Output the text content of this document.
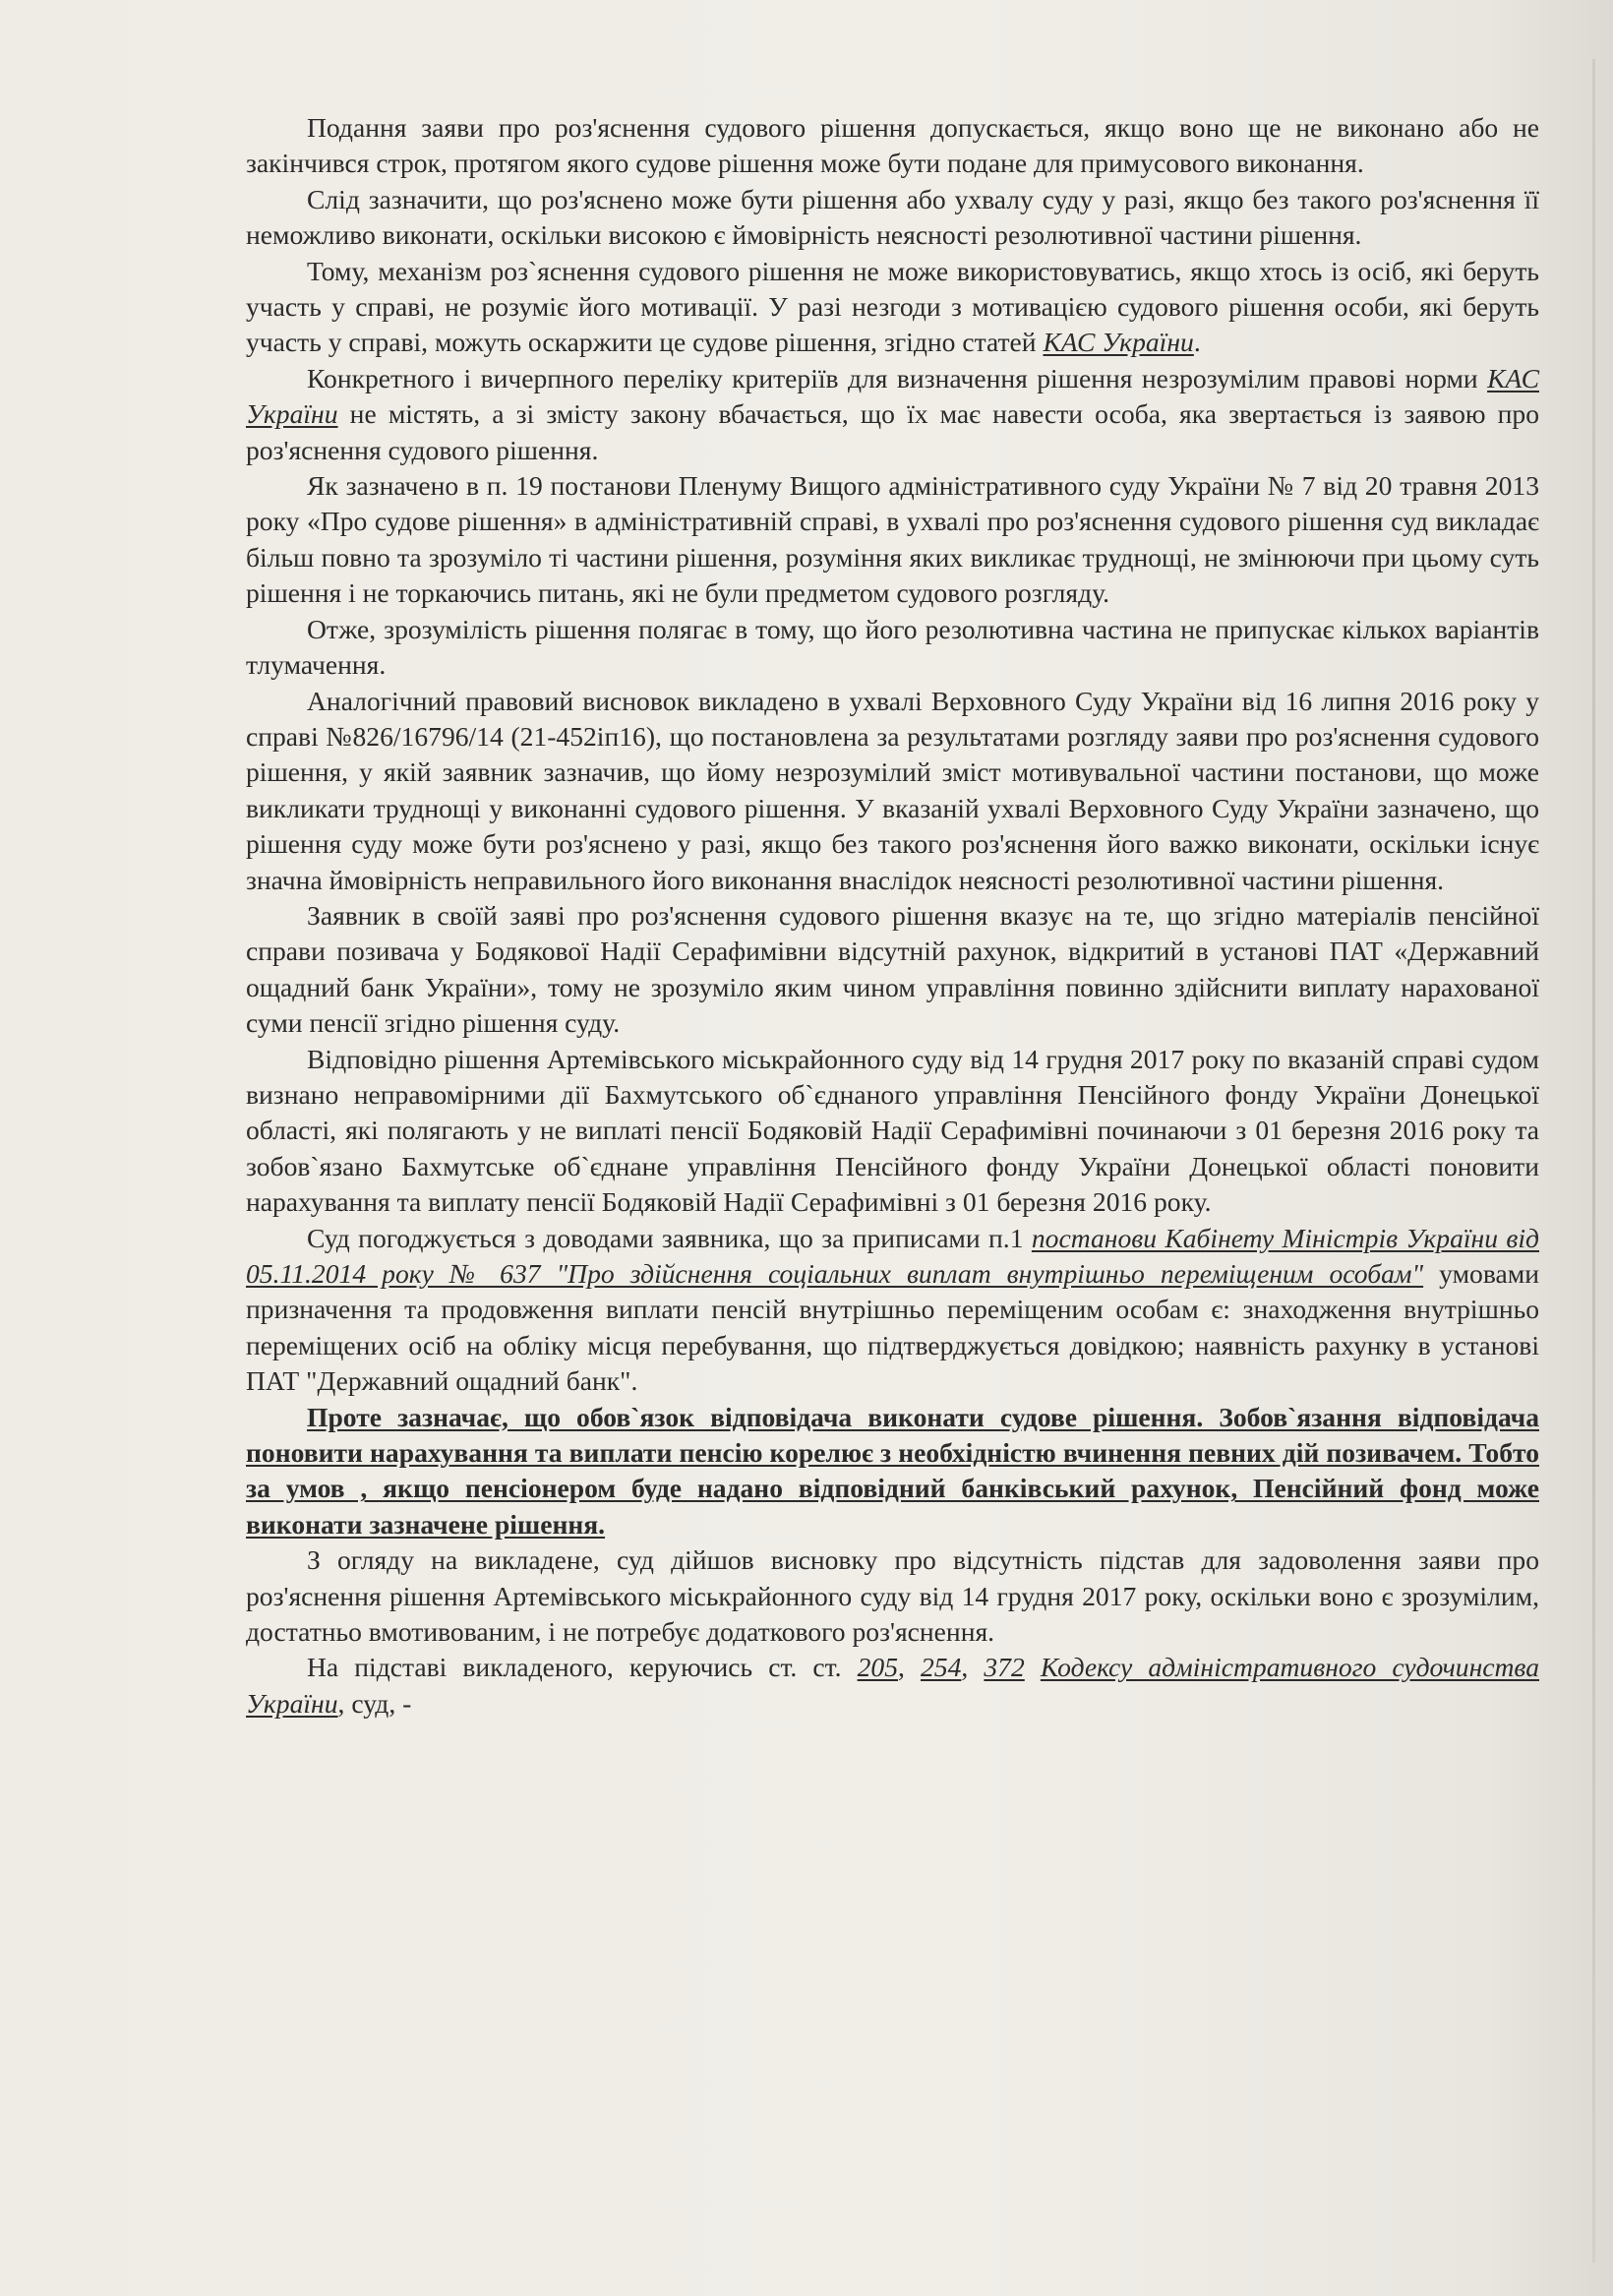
Подання заяви про роз'яснення судового рішення допускається, якщо воно ще не виконано або не закінчився строк, протягом якого судове рішення може бути подане для примусового виконання.

Слід зазначити, що роз'яснено може бути рішення або ухвалу суду у разі, якщо без такого роз'яснення її неможливо виконати, оскільки високою є ймовірність неясності резолютивної частини рішення.

Тому, механізм роз`яснення судового рішення не може використовуватись, якщо хтось із осіб, які беруть участь у справі, не розуміє його мотивації. У разі незгоди з мотивацією судового рішення особи, які беруть участь у справі, можуть оскаржити це судове рішення, згідно статей КАС України.

Конкретного і вичерпного переліку критеріїв для визначення рішення незрозумілим правові норми КАС України не містять, а зі змісту закону вбачається, що їх має навести особа, яка звертається із заявою про роз'яснення судового рішення.

Як зазначено в п. 19 постанови Пленуму Вищого адміністративного суду України № 7 від 20 травня 2013 року «Про судове рішення» в адміністративній справі, в ухвалі про роз'яснення судового рішення суд викладає більш повно та зрозуміло ті частини рішення, розуміння яких викликає труднощі, не змінюючи при цьому суть рішення і не торкаючись питань, які не були предметом судового розгляду.

Отже, зрозумілість рішення полягає в тому, що його резолютивна частина не припускає кількох варіантів тлумачення.

Аналогічний правовий висновок викладено в ухвалі Верховного Суду України від 16 липня 2016 року у справі №826/16796/14 (21-452іп16), що постановлена за результатами розгляду заяви про роз'яснення судового рішення, у якій заявник зазначив, що йому незрозумілий зміст мотивувальної частини постанови, що може викликати труднощі у виконанні судового рішення. У вказаній ухвалі Верховного Суду України зазначено, що рішення суду може бути роз'яснено у разі, якщо без такого роз'яснення його важко виконати, оскільки існує значна ймовірність неправильного його виконання внаслідок неясності резолютивної частини рішення.

Заявник в своїй заяві про роз'яснення судового рішення вказує на те, що згідно матеріалів пенсійної справи позивача у Бодякової Надії Серафимівни відсутній рахунок, відкритий в установі ПАТ «Державний ощадний банк України», тому не зрозуміло яким чином управління повинно здійснити виплату нарахованої суми пенсії згідно рішення суду.

Відповідно рішення Артемівського міськрайонного суду від 14 грудня 2017 року по вказаній справі судом визнано неправомірними дії Бахмутського об`єднаного управління Пенсійного фонду України Донецької області, які полягають у не виплаті пенсії Бодяковій Надії Серафимівні починаючи з 01 березня 2016 року та зобов`язано Бахмутське об`єднане управління Пенсійного фонду України Донецької області поновити нарахування та виплату пенсії Бодяковій Надії Серафимівні з 01 березня 2016 року.

Суд погоджується з доводами заявника, що за приписами п.1 постанови Кабінету Міністрів України від 05.11.2014 року № 637 "Про здійснення соціальних виплат внутрішньо переміщеним особам" умовами призначення та продовження виплати пенсій внутрішньо переміщеним особам є: знаходження внутрішньо переміщених осіб на обліку місця перебування, що підтверджується довідкою; наявність рахунку в установі ПАТ "Державний ощадний банк".

Проте зазначає, що обов`язок відповідача виконати судове рішення. Зобов`язання відповідача поновити нарахування та виплати пенсію корелює з необхідністю вчинення певних дій позивачем. Тобто за умов , якщо пенсіонером буде надано відповідний банківський рахунок, Пенсійний фонд може виконати зазначене рішення.

З огляду на викладене, суд дійшов висновку про відсутність підстав для задоволення заяви про роз'яснення рішення Артемівського міськрайонного суду від 14 грудня 2017 року, оскільки воно є зрозумілим, достатньо вмотивованим, і не потребує додаткового роз'яснення.

На підставі викладеного, керуючись ст. ст. 205, 254, 372 Кодексу адміністративного судочинства України, суд, -
